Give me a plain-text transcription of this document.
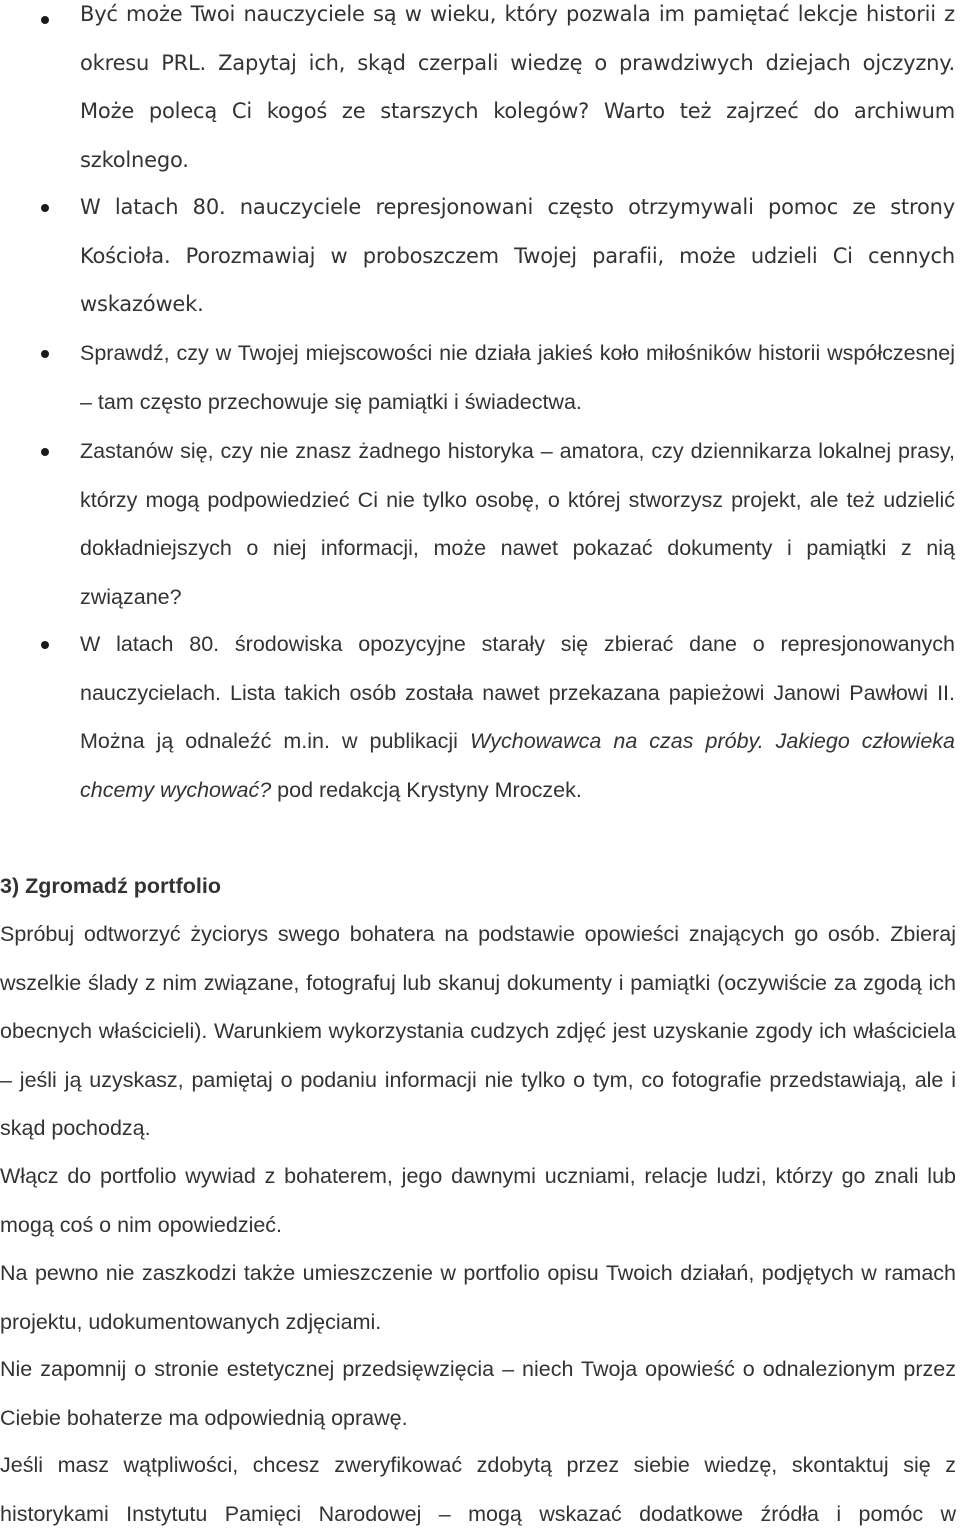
Być może Twoi nauczyciele są w wieku, który pozwala im pamiętać lekcje historii z okresu PRL. Zapytaj ich, skąd czerpali wiedzę o prawdziwych dziejach ojczyzny. Może polecą Ci kogoś ze starszych kolegów? Warto też zajrzeć do archiwum szkolnego.
W latach 80. nauczyciele represjonowani często otrzymywali pomoc ze strony Kościoła. Porozmawiaj w proboszczem Twojej parafii, może udzieli Ci cennych wskazówek.
Sprawdź, czy w Twojej miejscowości nie działa jakieś koło miłośników historii współczesnej – tam często przechowuje się pamiątki i świadectwa.
Zastanów się, czy nie znasz żadnego historyka – amatora, czy dziennikarza lokalnej prasy, którzy mogą podpowiedzieć Ci nie tylko osobę, o której stworzysz projekt, ale też udzielić dokładniejszych o niej informacji, może nawet pokazać dokumenty i pamiątki z nią związane?
W latach 80. środowiska opozycyjne starały się zbierać dane o represjonowanych nauczycielach. Lista takich osób została nawet przekazana papieżowi Janowi Pawłowi II. Można ją odnaleźć m.in. w publikacji Wychowawca na czas próby. Jakiego człowieka chcemy wychować? pod redakcją Krystyny Mroczek.
3) Zgromadź portfolio
Spróbuj odtworzyć życiorys swego bohatera na podstawie opowieści znających go osób. Zbieraj wszelkie ślady z nim związane, fotografuj lub skanuj dokumenty i pamiątki (oczywiście za zgodą ich obecnych właścicieli). Warunkiem wykorzystania cudzych zdjęć jest uzyskanie zgody ich właściciela – jeśli ją uzyskasz, pamiętaj o podaniu informacji nie tylko o tym, co fotografie przedstawiają, ale i skąd pochodzą.
Włącz do portfolio wywiad z bohaterem, jego dawnymi uczniami, relacje ludzi, którzy go znali lub mogą coś o nim opowiedzieć.
Na pewno nie zaszkodzi także umieszczenie w portfolio opisu Twoich działań, podjętych w ramach projektu, udokumentowanych zdjęciami.
Nie zapomnij o stronie estetycznej przedsięwzięcia – niech Twoja opowieść o odnalezionym przez Ciebie bohaterze ma odpowiednią oprawę.
Jeśli masz wątpliwości, chcesz zweryfikować zdobytą przez siebie wiedzę, skontaktuj się z historykami Instytutu Pamięci Narodowej – mogą wskazać dodatkowe źródła i pomóc w
